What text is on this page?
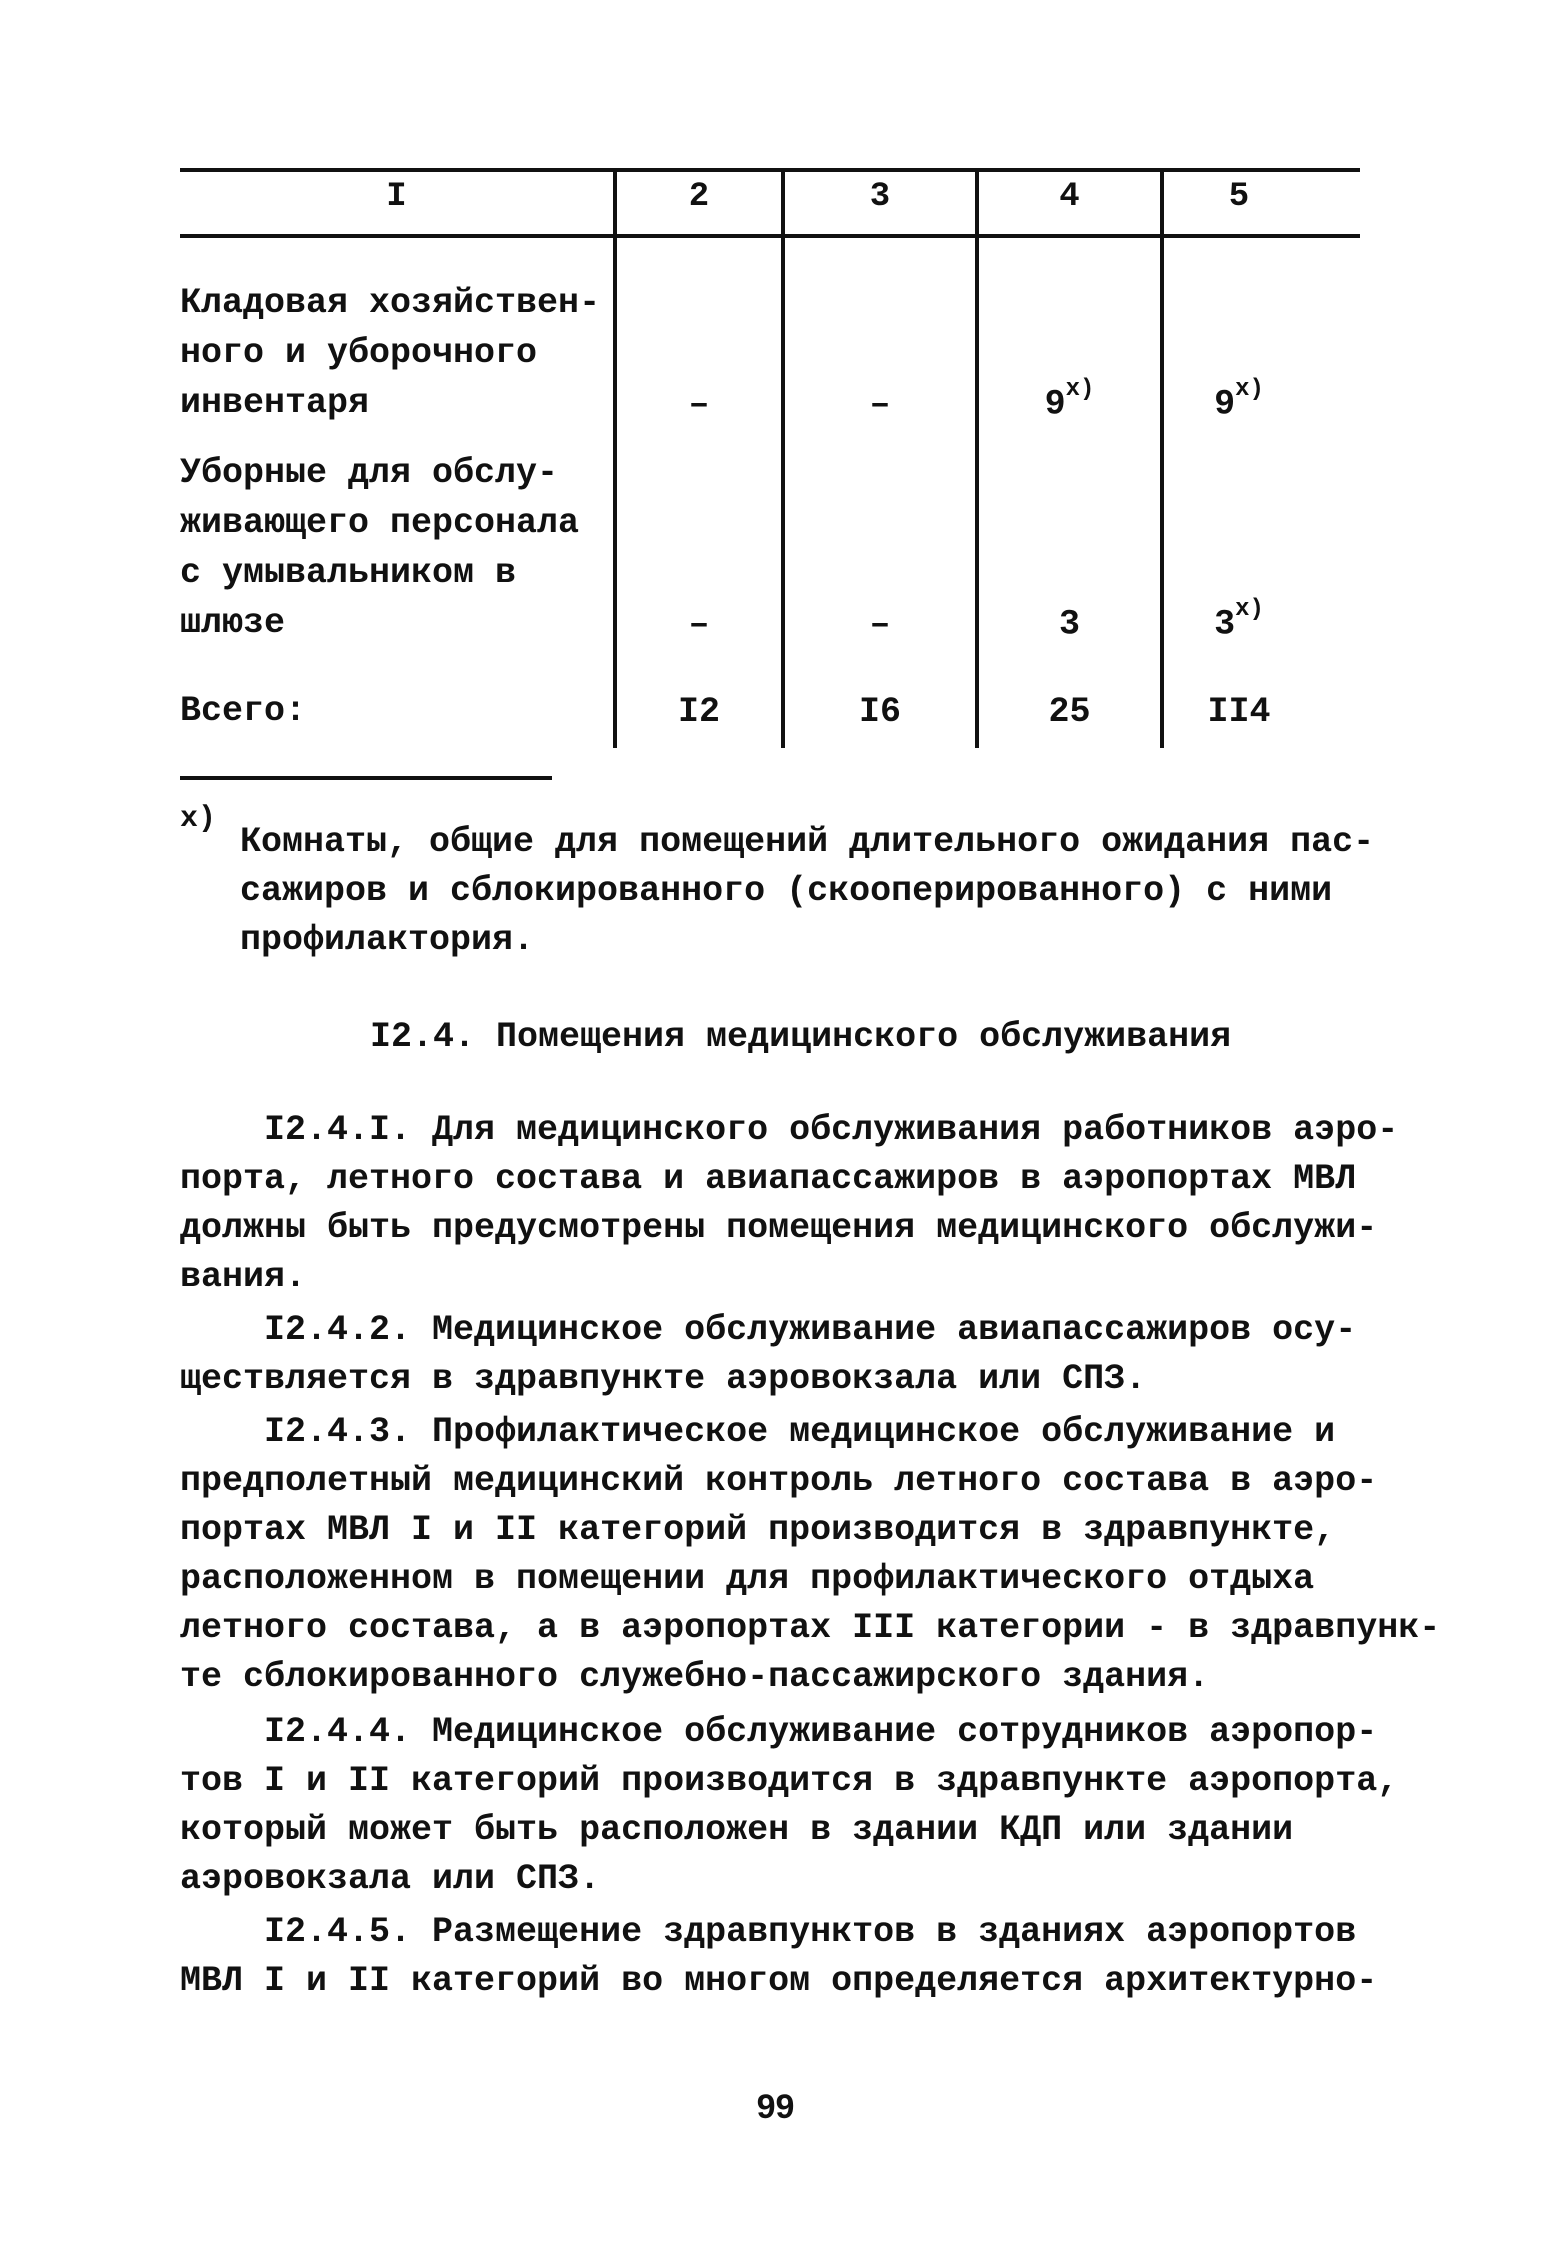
I	2	3	4	5
Кладовая хозяйствен-
ного и уборочного
инвентаря	–	–	9$^{x)}$	9$^{x)}$
Уборные для обслу-
живающего персонала
с умывальником в
шлюзе	–	–	3	3$^{x)}$
Всего:	I2	I6	25	II4
x)
Комнаты, общие для помещений длительного ожидания пас-
сажиров и сблокированного (скооперированного) с ними
профилактория.
I2.4. Помещения медицинского обслуживания
I2.4.I. Для медицинского обслуживания работников аэро-
порта, летного состава и авиапассажиров в аэропортах МВЛ
должны быть предусмотрены помещения медицинского обслужи-
вания.
I2.4.2. Медицинское обслуживание авиапассажиров осу-
ществляется в здравпункте аэровокзала или СПЗ.
I2.4.3. Профилактическое медицинское обслуживание и
предполетный медицинский контроль летного состава в аэро-
портах МВЛ I и II категорий производится в здравпункте,
расположенном в помещении для профилактического отдыха
летного состава, а в аэропортах III категории - в здравпунк-
те сблокированного служебно-пассажирского здания.
I2.4.4. Медицинское обслуживание сотрудников аэропор-
тов I и II категорий производится в здравпункте аэропорта,
который может быть расположен в здании КДП или здании
аэровокзала или СПЗ.
I2.4.5. Размещение здравпунктов в зданиях аэропортов
МВЛ I и II категорий во многом определяется архитектурно-
99
